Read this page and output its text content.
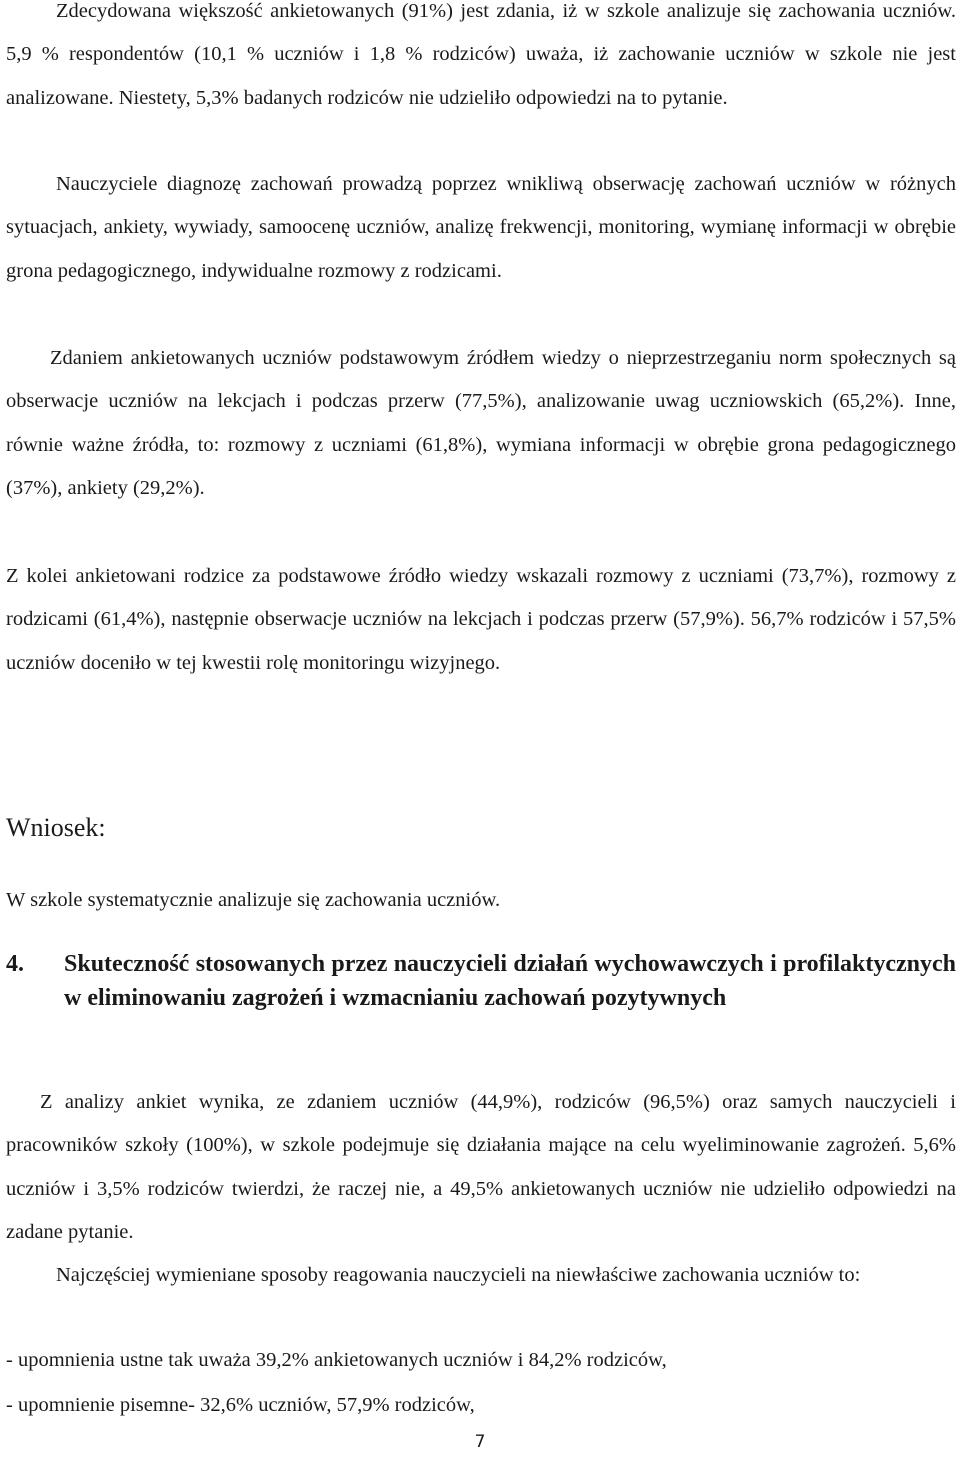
Zdecydowana większość ankietowanych (91%) jest zdania, iż w szkole analizuje się zachowania uczniów. 5,9 % respondentów (10,1 % uczniów i 1,8 % rodziców) uważa, iż zachowanie uczniów w szkole nie jest analizowane. Niestety, 5,3% badanych rodziców nie udzieliło odpowiedzi na to pytanie.

Nauczyciele diagnozę zachowań prowadzą poprzez wnikliwą obserwację zachowań uczniów w różnych sytuacjach, ankiety, wywiady, samoocenę uczniów, analizę frekwencji, monitoring, wymianę informacji w obrębie grona pedagogicznego, indywidualne rozmowy z rodzicami.

Zdaniem ankietowanych uczniów podstawowym źródłem wiedzy o nieprzestrzeganiu norm społecznych są obserwacje uczniów na lekcjach i podczas przerw (77,5%), analizowanie uwag uczniowskich (65,2%). Inne, równie ważne źródła, to: rozmowy z uczniami (61,8%), wymiana informacji w obrębie grona pedagogicznego (37%), ankiety (29,2%).

Z kolei ankietowani rodzice za podstawowe źródło wiedzy wskazali rozmowy z uczniami (73,7%), rozmowy z rodzicami (61,4%), następnie obserwacje uczniów na lekcjach i podczas przerw (57,9%). 56,7% rodziców i 57,5% uczniów doceniło w tej kwestii rolę monitoringu wizyjnego.

Wniosek:

W szkole systematycznie analizuje się zachowania uczniów.

4. Skuteczność stosowanych przez nauczycieli działań wychowawczych i profilaktycznych w eliminowaniu zagrożeń i wzmacnianiu zachowań pozytywnych

Z analizy ankiet wynika, ze zdaniem uczniów (44,9%), rodziców (96,5%) oraz samych nauczycieli i pracowników szkoły (100%), w szkole podejmuje się działania mające na celu wyeliminowanie zagrożeń. 5,6% uczniów i 3,5% rodziców twierdzi, że raczej nie, a 49,5% ankietowanych uczniów nie udzieliło odpowiedzi na zadane pytanie.

Najczęściej wymieniane sposoby reagowania nauczycieli na niewłaściwe zachowania uczniów to:

- upomnienia ustne tak uważa 39,2% ankietowanych uczniów i 84,2% rodziców,

- upomnienie pisemne- 32,6% uczniów, 57,9% rodziców,

7
